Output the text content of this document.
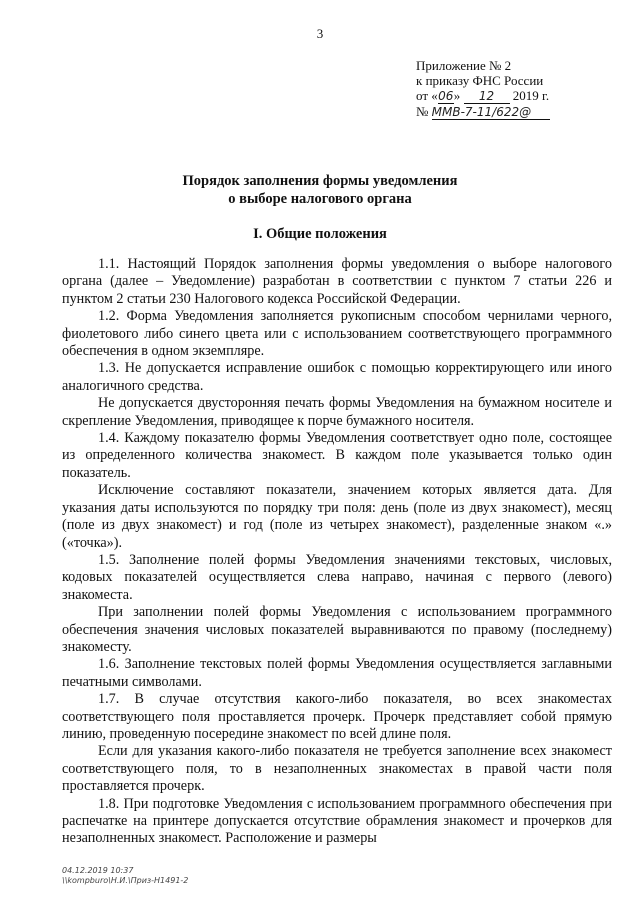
3
Приложение № 2
к приказу ФНС России
от «06» 12 2019 г.
№ ММВ-7-11/622@
Порядок заполнения формы уведомления
о выборе налогового органа
I. Общие положения

1.1. Настоящий Порядок заполнения формы уведомления о выборе налогового органа (далее – Уведомление) разработан в соответствии с пунктом 7 статьи 226 и пунктом 2 статьи 230 Налогового кодекса Российской Федерации.

1.2. Форма Уведомления заполняется рукописным способом чернилами черного, фиолетового либо синего цвета или с использованием соответствующего программного обеспечения в одном экземпляре.

1.3. Не допускается исправление ошибок с помощью корректирующего или иного аналогичного средства.

Не допускается двусторонняя печать формы Уведомления на бумажном носителе и скрепление Уведомления, приводящее к порче бумажного носителя.

1.4. Каждому показателю формы Уведомления соответствует одно поле, состоящее из определенного количества знакомест. В каждом поле указывается только один показатель.

Исключение составляют показатели, значением которых является дата. Для указания даты используются по порядку три поля: день (поле из двух знакомест), месяц (поле из двух знакомест) и год (поле из четырех знакомест), разделенные знаком «.» («точка»).

1.5. Заполнение полей формы Уведомления значениями текстовых, числовых, кодовых показателей осуществляется слева направо, начиная с первого (левого) знакоместа.

При заполнении полей формы Уведомления с использованием программного обеспечения значения числовых показателей выравниваются по правому (последнему) знакоместу.

1.6. Заполнение текстовых полей формы Уведомления осуществляется заглавными печатными символами.

1.7. В случае отсутствия какого-либо показателя, во всех знакоместах соответствующего поля проставляется прочерк. Прочерк представляет собой прямую линию, проведенную посередине знакомест по всей длине поля.

Если для указания какого-либо показателя не требуется заполнение всех знакомест соответствующего поля, то в незаполненных знакоместах в правой части поля проставляется прочерк.

1.8. При подготовке Уведомления с использованием программного обеспечения при распечатке на принтере допускается отсутствие обрамления знакомест и прочерков для незаполненных знакомест. Расположение и размеры

04.12.2019 10:37
\\kompburo\Н.И.\Приз-Н1491-2
